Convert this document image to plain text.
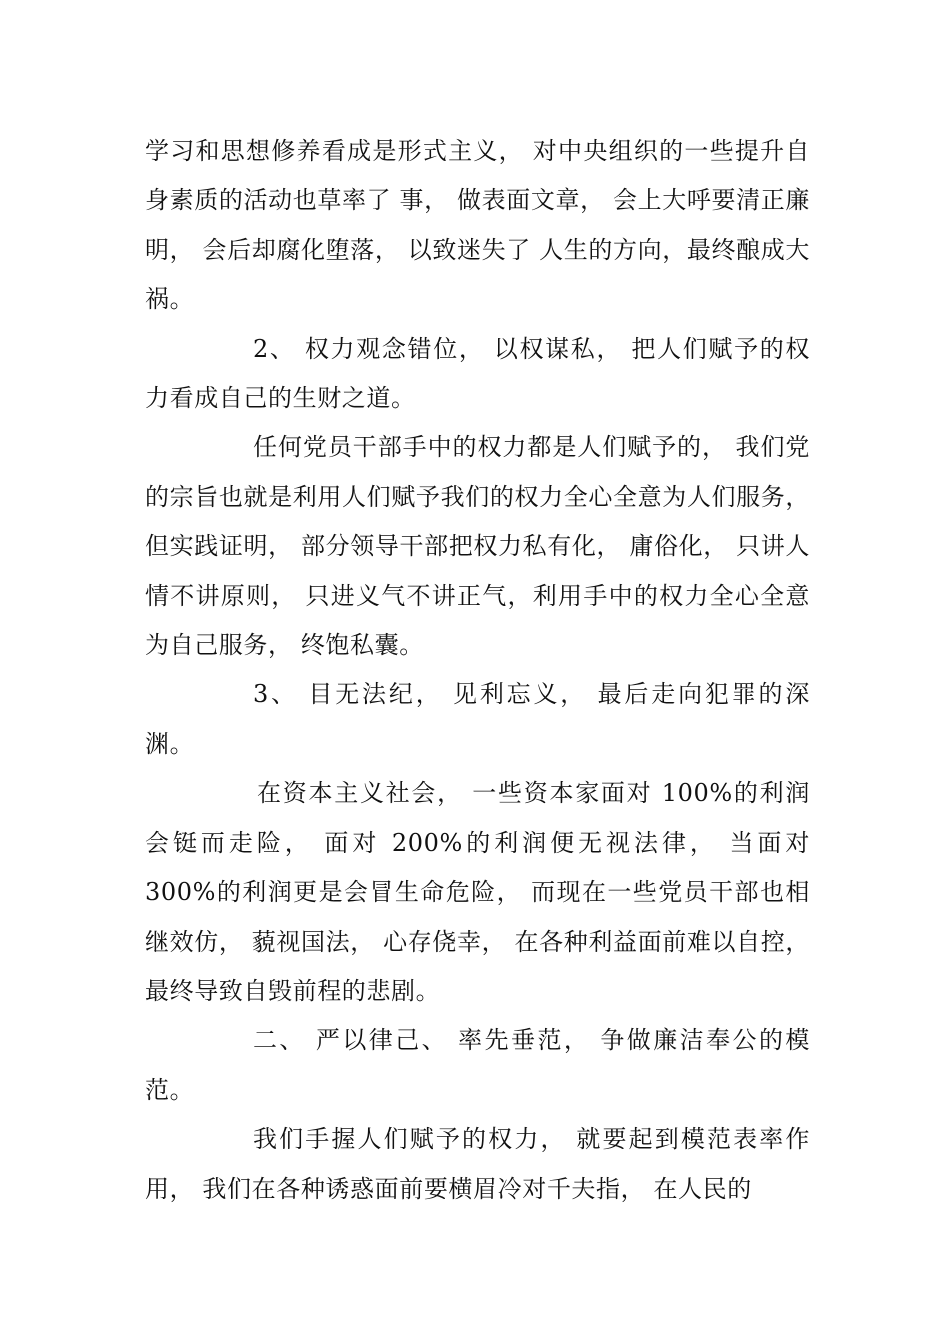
学习和思想修养看成是形式主义， 对中央组织的一些提升自身素质的活动也草率了 事， 做表面文章， 会上大呼要清正廉明， 会后却腐化堕落， 以致迷失了 人生的方向，最终酿成大祸。

2、 权力观念错位， 以权谋私， 把人们赋予的权力看成自己的生财之道。

任何党员干部手中的权力都是人们赋予的， 我们党的宗旨也就是利用人们赋予我们的权力全心全意为人们服务， 但实践证明， 部分领导干部把权力私有化， 庸俗化， 只讲人情不讲原则， 只进义气不讲正气，利用手中的权力全心全意为自己服务， 终饱私囊。

3、 目无法纪， 见利忘义， 最后走向犯罪的深渊。

在资本主义社会， 一些资本家面对 100%的利润会铤而走险， 面对 200%的利润便无视法律， 当面对 300%的利润更是会冒生命危险， 而现在一些党员干部也相继效仿， 藐视国法， 心存侥幸， 在各种利益面前难以自控，最终导致自毁前程的悲剧。

二、 严以律己、 率先垂范， 争做廉洁奉公的模范。

我们手握人们赋予的权力， 就要起到模范表率作用， 我们在各种诱惑面前要横眉冷对千夫指， 在人民的
